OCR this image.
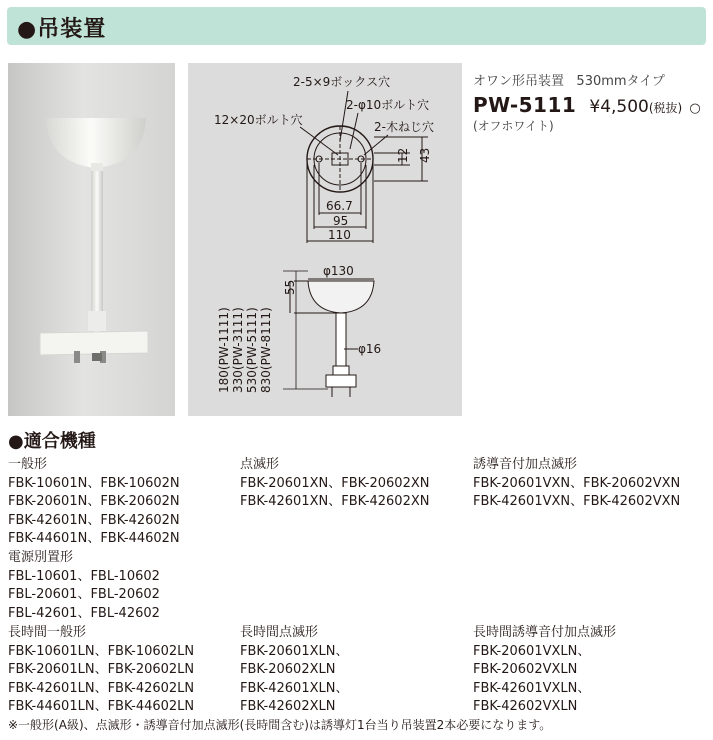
●吊装置
2-5×9ボックス穴
2-φ10ボルト穴
12×20ボルト穴	2-木ねじ穴
12 43
66.7
95
110
φ130
55
φ16
180(PW-1111) 330(PW-3111) 530(PW-5111) 830(PW-8111)
オワン形吊装置 530mmタイプ
PW-5111 ¥4,500(税抜) ○
(オフホワイト)
●適合機種
一般形
FBK-10601N、FBK-10602N
FBK-20601N、FBK-20602N
FBK-42601N、FBK-42602N
FBK-44601N、FBK-44602N
点滅形
FBK-20601XN、FBK-20602XN
FBK-42601XN、FBK-42602XN
誘導音付加点滅形
FBK-20601VXN、FBK-20602VXN
FBK-42601VXN、FBK-42602VXN
電源別置形
FBL-10601、FBL-10602
FBL-20601、FBL-20602
FBL-42601、FBL-42602
長時間一般形
FBK-10601LN、FBK-10602LN
FBK-20601LN、FBK-20602LN
FBK-42601LN、FBK-42602LN
FBK-44601LN、FBK-44602LN
長時間点滅形
FBK-20601XLN、
FBK-20602XLN
FBK-42601XLN、
FBK-42602XLN
長時間誘導音付加点滅形
FBK-20601VXLN、
FBK-20602VXLN
FBK-42601VXLN、
FBK-42602VXLN
※一般形(A級)、点滅形・誘導音付加点滅形(長時間含む)は誘導灯1台当り吊装置2本必要になります。
